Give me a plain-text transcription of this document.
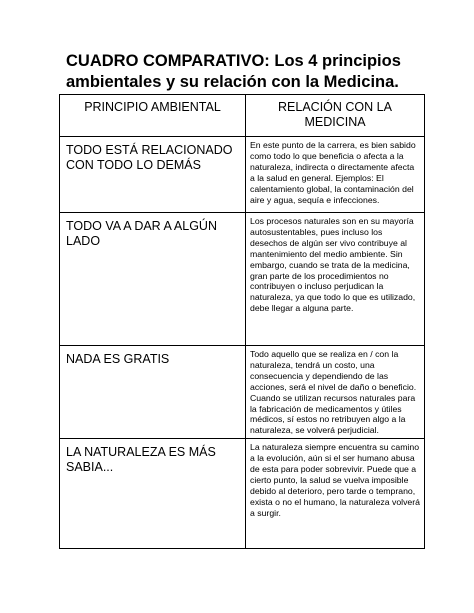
CUADRO COMPARATIVO: Los 4 principios ambientales y su relación con la Medicina.
PRINCIPIO AMBIENTAL	RELACIÓN CON LA MEDICINA
TODO ESTÁ RELACIONADO CON TODO LO DEMÁS	En este punto de la carrera, es bien sabido como todo lo que beneficia o afecta a la naturaleza, indirecta o directamente afecta a la salud en general. Ejemplos: El calentamiento global, la contaminación del aire y agua, sequía e infecciones.
TODO VA A DAR A ALGÚN LADO	Los procesos naturales son en su mayoría autosustentables, pues incluso los desechos de algún ser vivo contribuye al mantenimiento del medio ambiente. Sin embargo, cuando se trata de la medicina, gran parte de los procedimientos no contribuyen o incluso perjudican la naturaleza, ya que todo lo que es utilizado, debe llegar a alguna parte.
NADA ES GRATIS	Todo aquello que se realiza en / con la naturaleza, tendrá un costo, una consecuencia y dependiendo de las acciones, será el nivel de daño o beneficio. Cuando se utilizan recursos naturales para la fabricación de medicamentos y útiles médicos, sí estos no retribuyen algo a la naturaleza, se volverá perjudicial.
LA NATURALEZA ES MÁS SABIA...	La naturaleza siempre encuentra su camino a la evolución, aún si el ser humano abusa de esta para poder sobrevivir. Puede que a cierto punto, la salud se vuelva imposible debido al deterioro, pero tarde o temprano, exista o no el humano, la naturaleza volverá a surgir.
